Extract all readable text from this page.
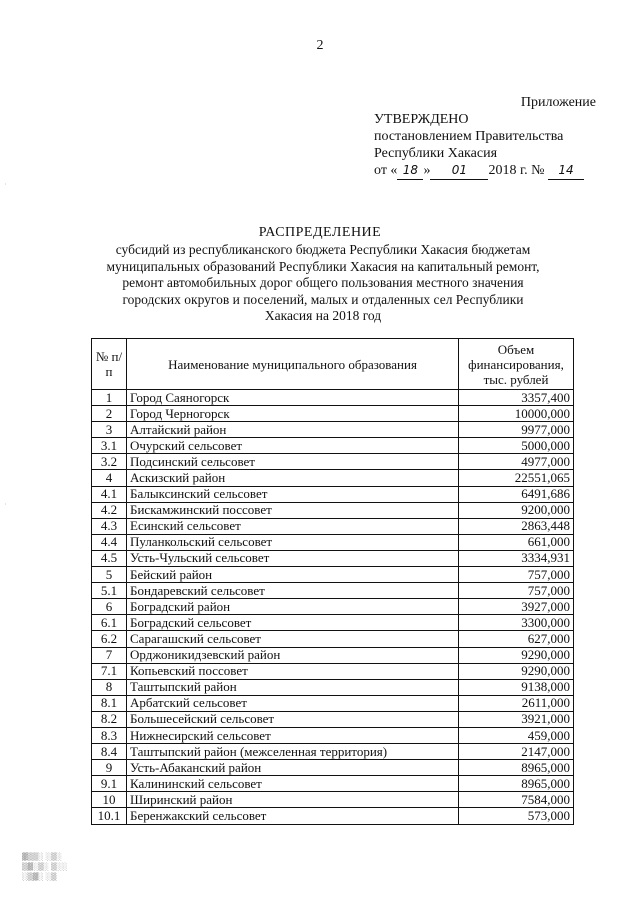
2
Приложение
УТВЕРЖДЕНО
постановлением Правительства
Республики Хакасия
от « 18 » 01 2018 г. № 14
РАСПРЕДЕЛЕНИЕ
субсидий из республиканского бюджета Республики Хакасия бюджетам муниципальных образований Республики Хакасия на капитальный ремонт, ремонт автомобильных дорог общего пользования местного значения городских округов и поселений, малых и отдаленных сел Республики Хакасия на 2018 год
№ п/п	Наименование муниципального образования	Объем финансирования, тыс. рублей
1	Город Саяногорск	3357,400
2	Город Черногорск	10000,000
3	Алтайский район	9977,000
3.1	Очурский сельсовет	5000,000
3.2	Подсинский сельсовет	4977,000
4	Аскизский район	22551,065
4.1	Балыксинский сельсовет	6491,686
4.2	Бискамжинский поссовет	9200,000
4.3	Есинский сельсовет	2863,448
4.4	Пуланкольский сельсовет	661,000
4.5	Усть-Чульский сельсовет	3334,931
5	Бейский район	757,000
5.1	Бондаревский сельсовет	757,000
6	Боградский район	3927,000
6.1	Боградский сельсовет	3300,000
6.2	Сарагашский сельсовет	627,000
7	Орджоникидзевский район	9290,000
7.1	Копьевский поссовет	9290,000
8	Таштыпский район	9138,000
8.1	Арбатский сельсовет	2611,000
8.2	Большесейский сельсовет	3921,000
8.3	Нижнесирский сельсовет	459,000
8.4	Таштыпский район (межселенная территория)	2147,000
9	Усть-Абаканский район	8965,000
9.1	Калининский сельсовет	8965,000
10	Ширинский район	7584,000
10.1	Беренжакский сельсовет	573,000
▓▒▒░ ░▒░
▒▓░▒░ ▒░░
░▒▓░ ░▒
·
·
